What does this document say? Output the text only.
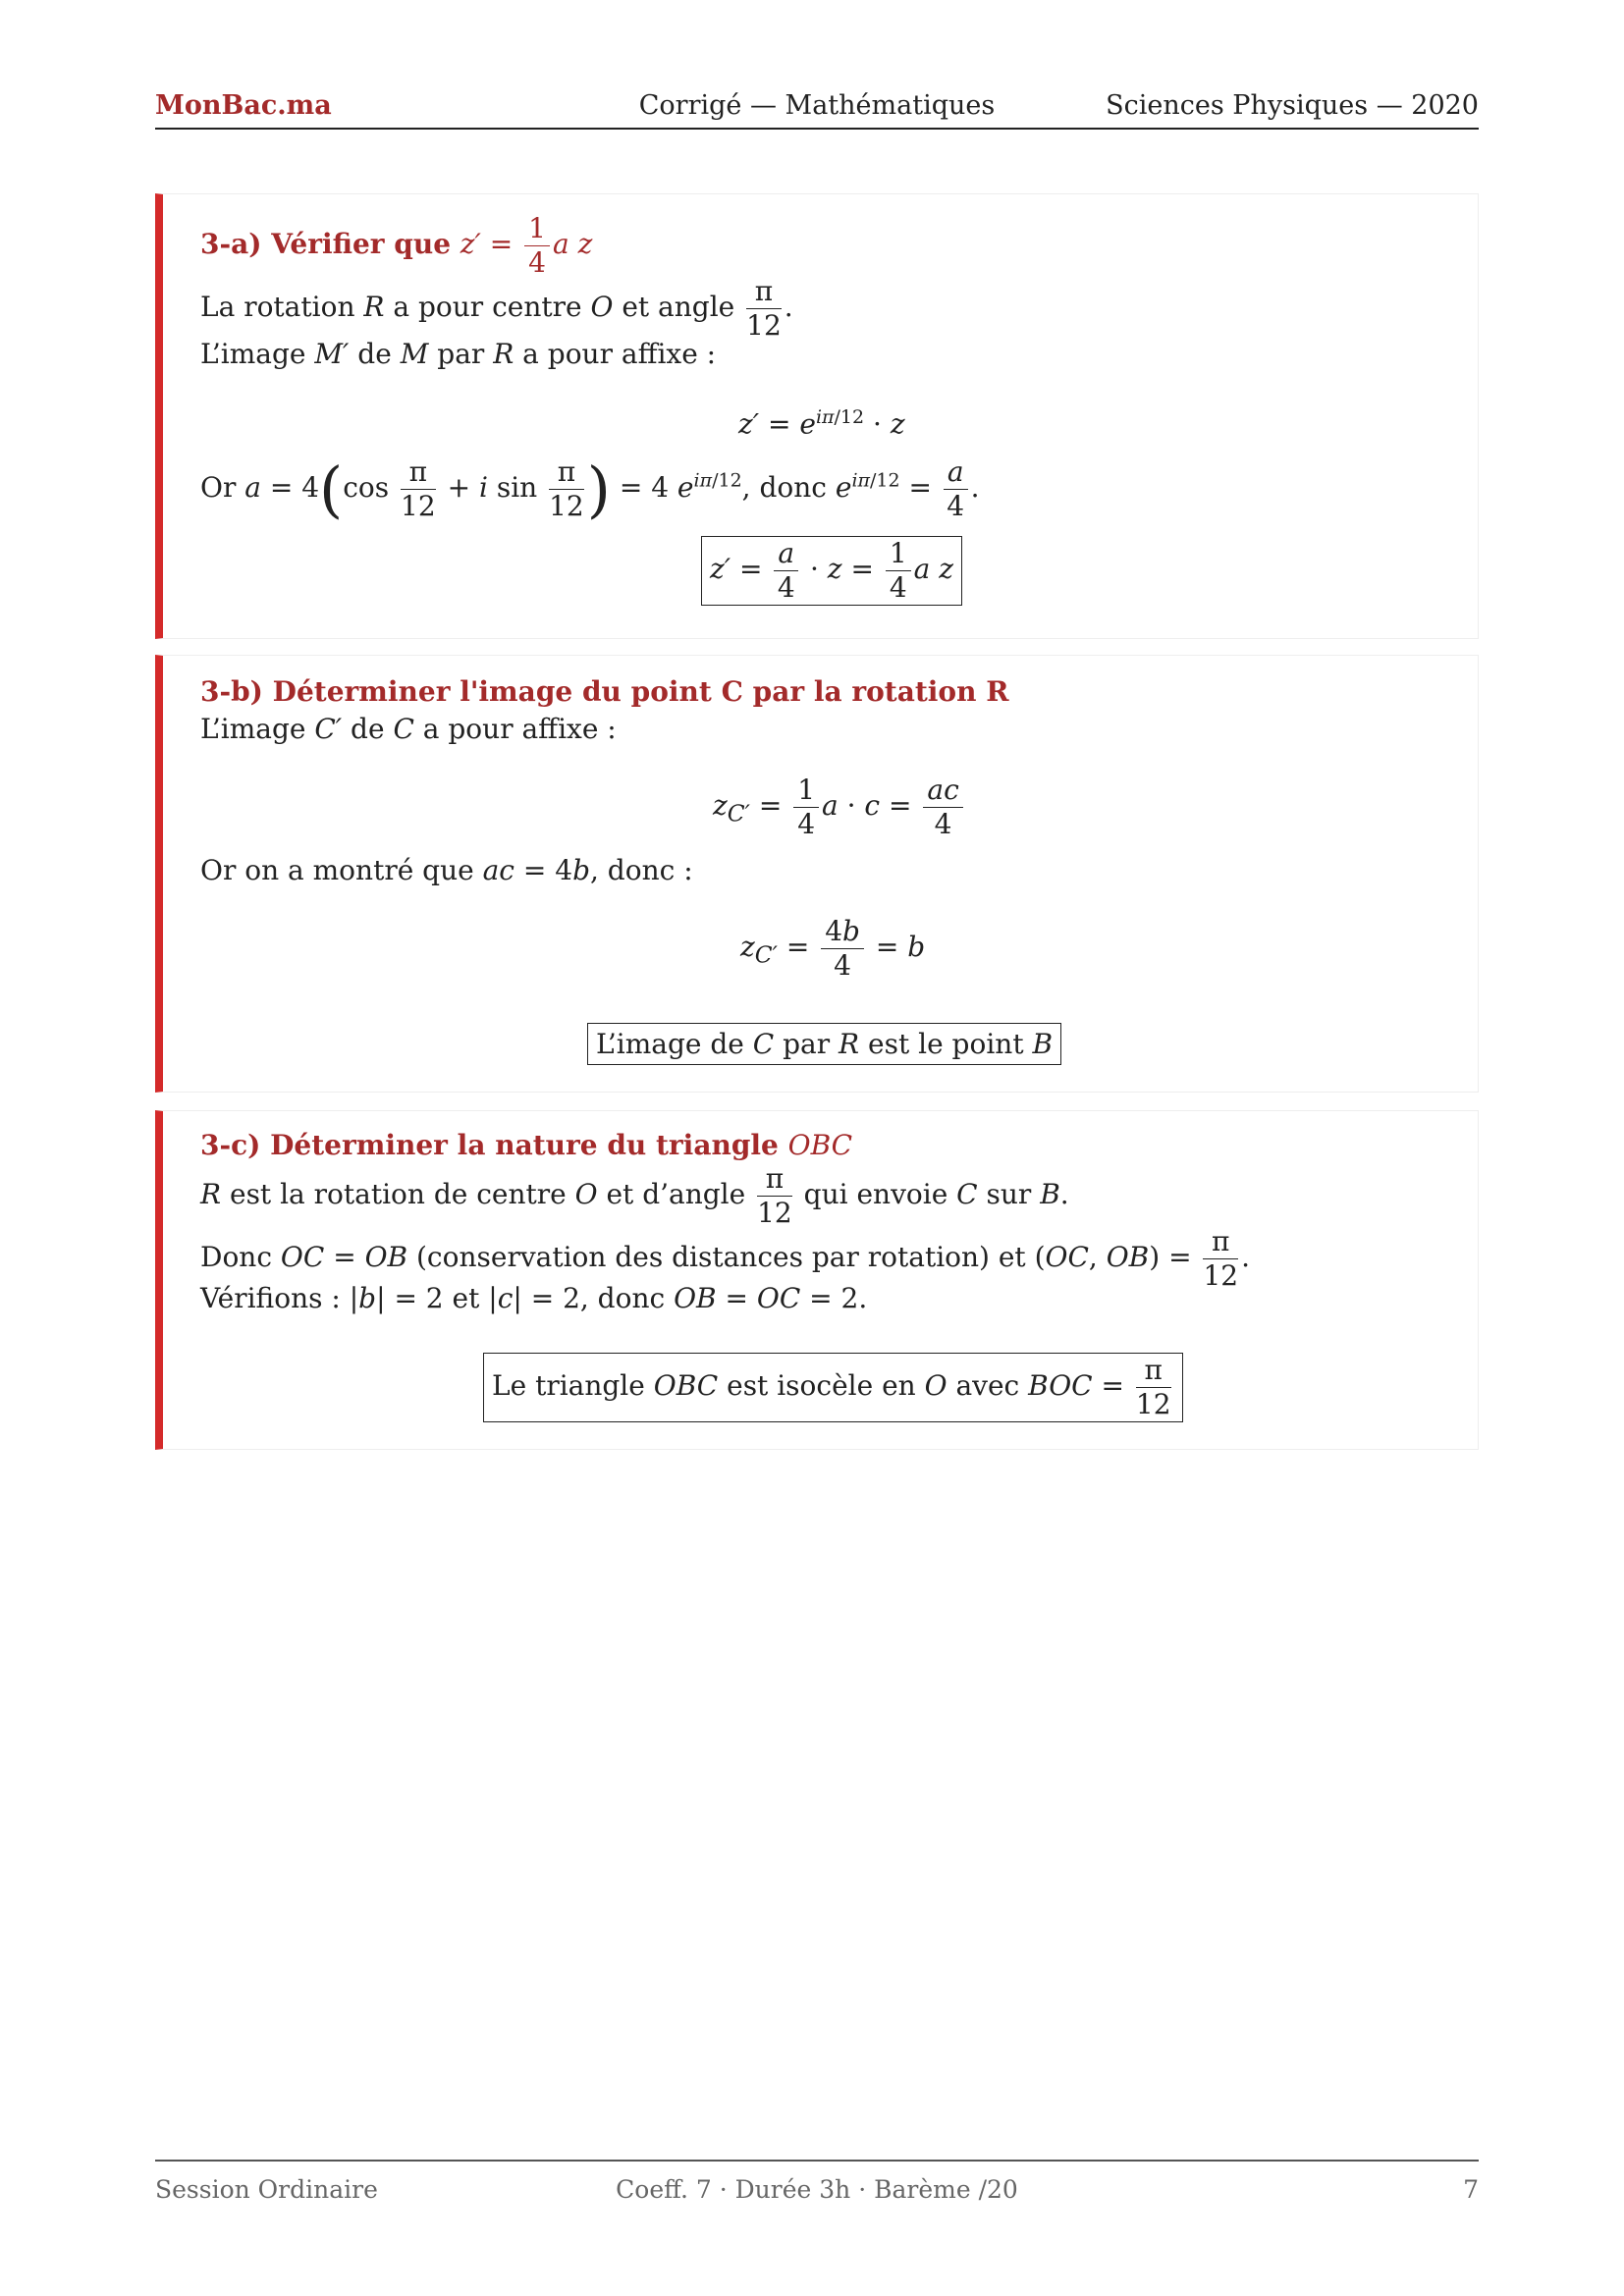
MonBac.ma	Corrigé — Mathématiques	Sciences Physiques — 2020
3-a) Vérifier que $z' = \frac{1}{4}$ a z
La rotation R a pour centre O et angle $\frac{\pi}{12}$ .
L’image M′ de M par R a pour affixe :
$z' = e^{i\pi/12} \cdot z$
Or $a = 4(\cos \frac{\pi}{12} + i$ $\sin \frac{\pi}{12}$ ) = 4 $e^{i\pi/12}$, donc $e^{i\pi/12} = \frac{a}{4}$ .
$z' = \frac{a}{4} \cdot z = \frac{1}{4}$ a z
3-b) Déterminer l'image du point C par la rotation R
L’image C′ de C a pour affixe :
$z_{C'} = \frac{1}{4}$ $a \cdot c = \frac{ac}{4}$
Or on a montré que ac = 4b, donc :
$z_{C'} = \frac{4b}{4} = b$
L’image de C par R est le point B
3-c) Déterminer la nature du triangle OBC
R est la rotation de centre O et d’angle $\frac{\pi}{12}$ qui envoie C sur B.
Donc OC = OB (conservation des distances par rotation) et (OC, $OB) = \frac{\pi}{12}$ .
Vérifions : |b| = 2 et |c| = 2, donc OB = OC = 2.
Le triangle OBC est isocèle en O avec BOC = $\frac{\pi}{12}$
Session Ordinaire	Coeff. 7 · Durée 3h · Barème /20	7
